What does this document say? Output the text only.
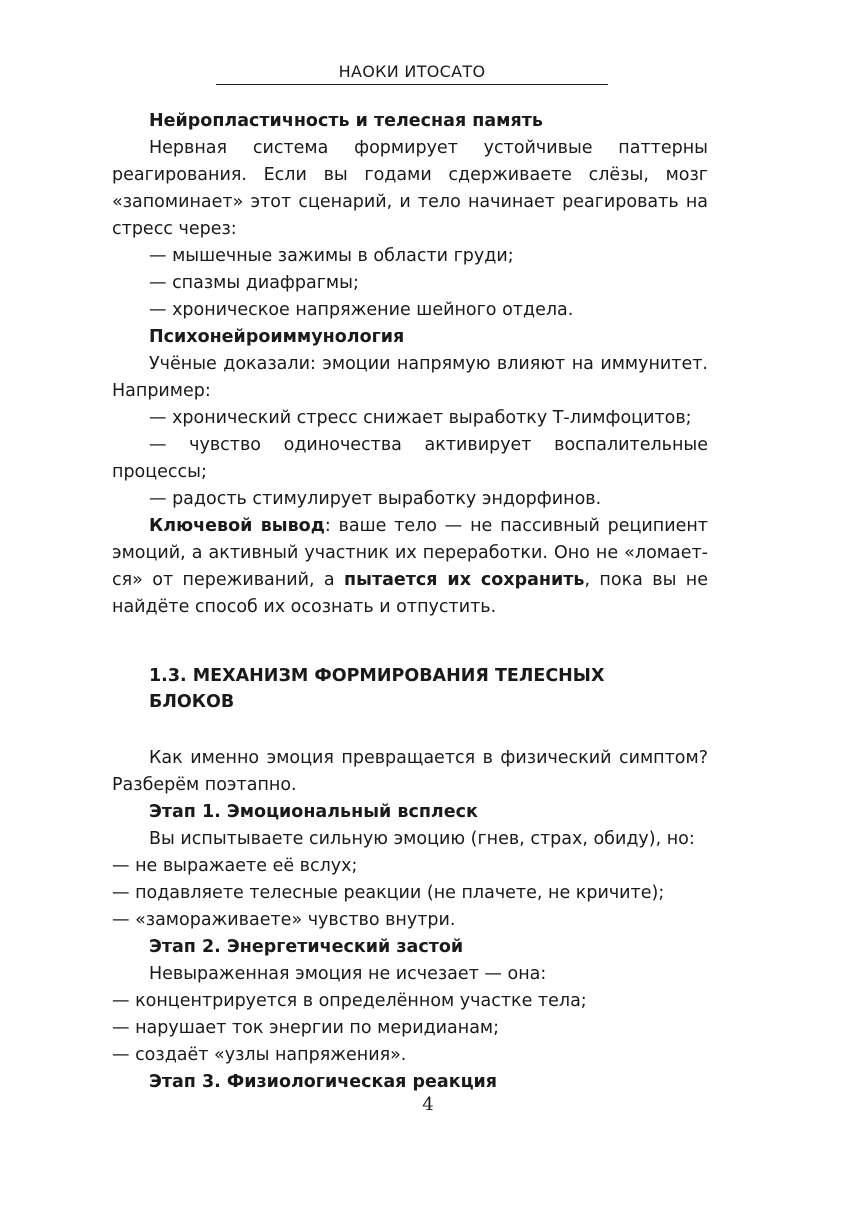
НАОКИ ИТОСАТО

Нейропластичность и телесная память

Нервная система формирует устойчивые паттерны реагирования. Если вы годами сдерживаете слёзы, мозг «запоминает» этот сценарий, и тело начинает реагировать на стресс через:

— мышечные зажимы в области груди;

— спазмы диафрагмы;

— хроническое напряжение шейного отдела.

Психонейроиммунология

Учёные доказали: эмоции напрямую влияют на иммунитет. Например:

— хронический стресс снижает выработку Т-лимфоцитов;

— чувство одиночества активирует воспалительные процессы;

— радость стимулирует выработку эндорфинов.

Ключевой вывод: ваше тело — не пассивный реципиент эмоций, а активный участник их переработки. Оно не «ломается» от переживаний, а пытается их сохранить, пока вы не найдёте способ их осознать и отпустить.

1.3. МЕХАНИЗМ ФОРМИРОВАНИЯ ТЕЛЕСНЫХ
БЛОКОВ

Как именно эмоция превращается в физический симптом? Разберём поэтапно.

Этап 1. Эмоциональный всплеск

Вы испытываете сильную эмоцию (гнев, страх, обиду), но:

— не выражаете её вслух;

— подавляете телесные реакции (не плачете, не кричите);

— «замораживаете» чувство внутри.

Этап 2. Энергетический застой

Невыраженная эмоция не исчезает — она:

— концентрируется в определённом участке тела;

— нарушает ток энергии по меридианам;

— создаёт «узлы напряжения».

Этап 3. Физиологическая реакция

4
